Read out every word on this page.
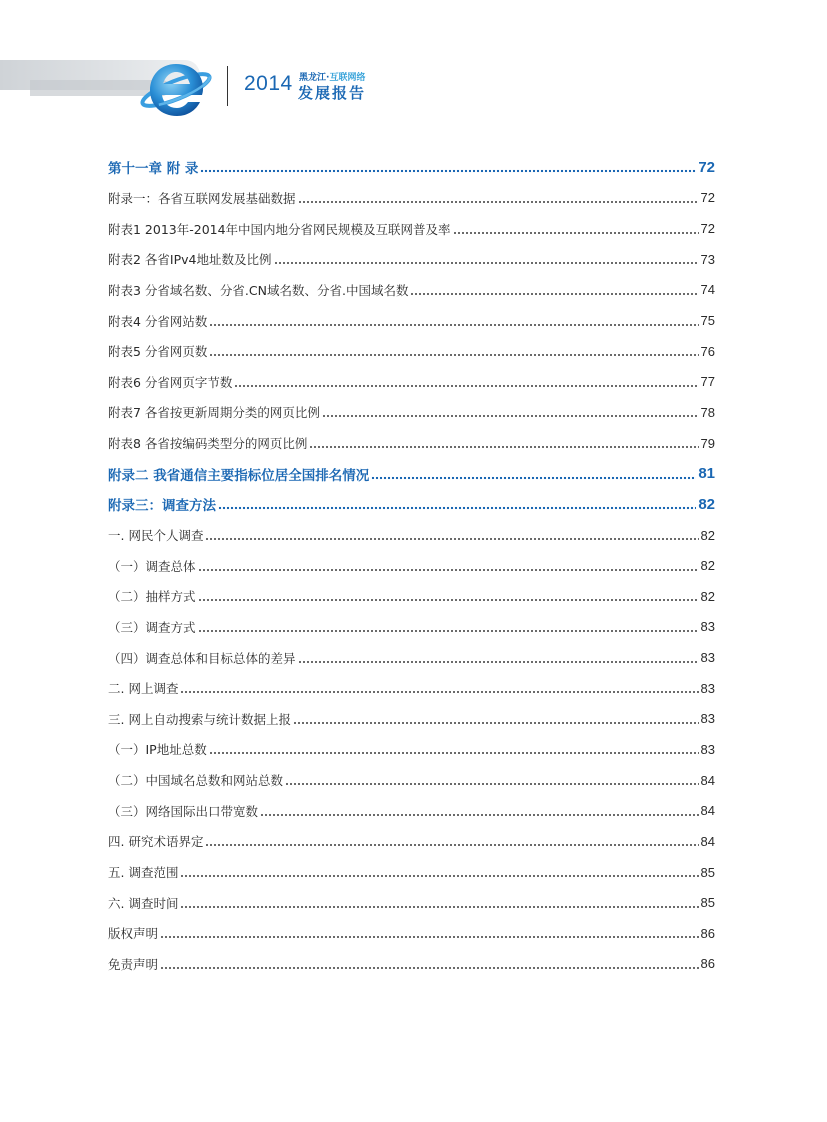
2014 黑龙江·互联网络
发展报告
第十一章 附 录	72
附录一：各省互联网发展基础数据	72
附表1 2013年-2014年中国内地分省网民规模及互联网普及率	72
附表2 各省IPv4地址数及比例	73
附表3 分省域名数、分省.CN域名数、分省.中国域名数	74
附表4 分省网站数	75
附表5 分省网页数	76
附表6 分省网页字节数	77
附表7 各省按更新周期分类的网页比例	78
附表8 各省按编码类型分的网页比例	79
附录二 我省通信主要指标位居全国排名情况	81
附录三：调查方法	82
一. 网民个人调查	82
（一）调查总体	82
（二）抽样方式	82
（三）调查方式	83
（四）调查总体和目标总体的差异	83
二. 网上调查	83
三. 网上自动搜索与统计数据上报	83
（一）IP地址总数	83
（二）中国域名总数和网站总数	84
（三）网络国际出口带宽数	84
四. 研究术语界定	84
五. 调查范围	85
六. 调查时间	85
版权声明	86
免责声明	86
